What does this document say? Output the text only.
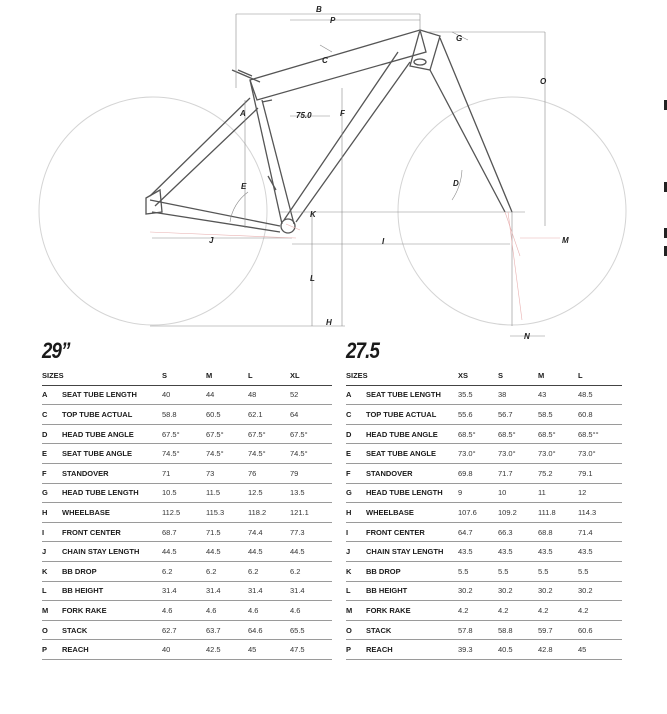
B
P
G
C
O
A	F
75.0
E	D
K
J	I	M
L
H
N
29”
SIZES	S	M	L	XL
A SEAT TUBE LENGTH	40	44	48	52
C TOP TUBE ACTUAL	58.8	60.5	62.1	64
D HEAD TUBE ANGLE	67.5°	67.5°	67.5°	67.5°
E SEAT TUBE ANGLE	74.5°	74.5°	74.5°	74.5°
F STANDOVER	71	73	76	79
G HEAD TUBE LENGTH	10.5	11.5	12.5	13.5
H WHEELBASE	112.5	115.3	118.2	121.1
I FRONT CENTER	68.7	71.5	74.4	77.3
J CHAIN STAY LENGTH	44.5	44.5	44.5	44.5
K BB DROP	6.2	6.2	6.2	6.2
L BB HEIGHT	31.4	31.4	31.4	31.4
M FORK RAKE	4.6	4.6	4.6	4.6
O STACK	62.7	63.7	64.6	65.5
P REACH	40	42.5	45	47.5
27.5
SIZES	XS	S	M	L
A SEAT TUBE LENGTH	35.5	38	43	48.5
C TOP TUBE ACTUAL	55.6	56.7	58.5	60.8
D HEAD TUBE ANGLE	68.5°	68.5°	68.5°	68.5°°
E SEAT TUBE ANGLE	73.0°	73.0°	73.0°	73.0°
F STANDOVER	69.8	71.7	75.2	79.1
G HEAD TUBE LENGTH	9	10	11	12
H WHEELBASE	107.6	109.2	111.8	114.3
I FRONT CENTER	64.7	66.3	68.8	71.4
J CHAIN STAY LENGTH	43.5	43.5	43.5	43.5
K BB DROP	5.5	5.5	5.5	5.5
L BB HEIGHT	30.2	30.2	30.2	30.2
M FORK RAKE	4.2	4.2	4.2	4.2
O STACK	57.8	58.8	59.7	60.6
P REACH	39.3	40.5	42.8	45
